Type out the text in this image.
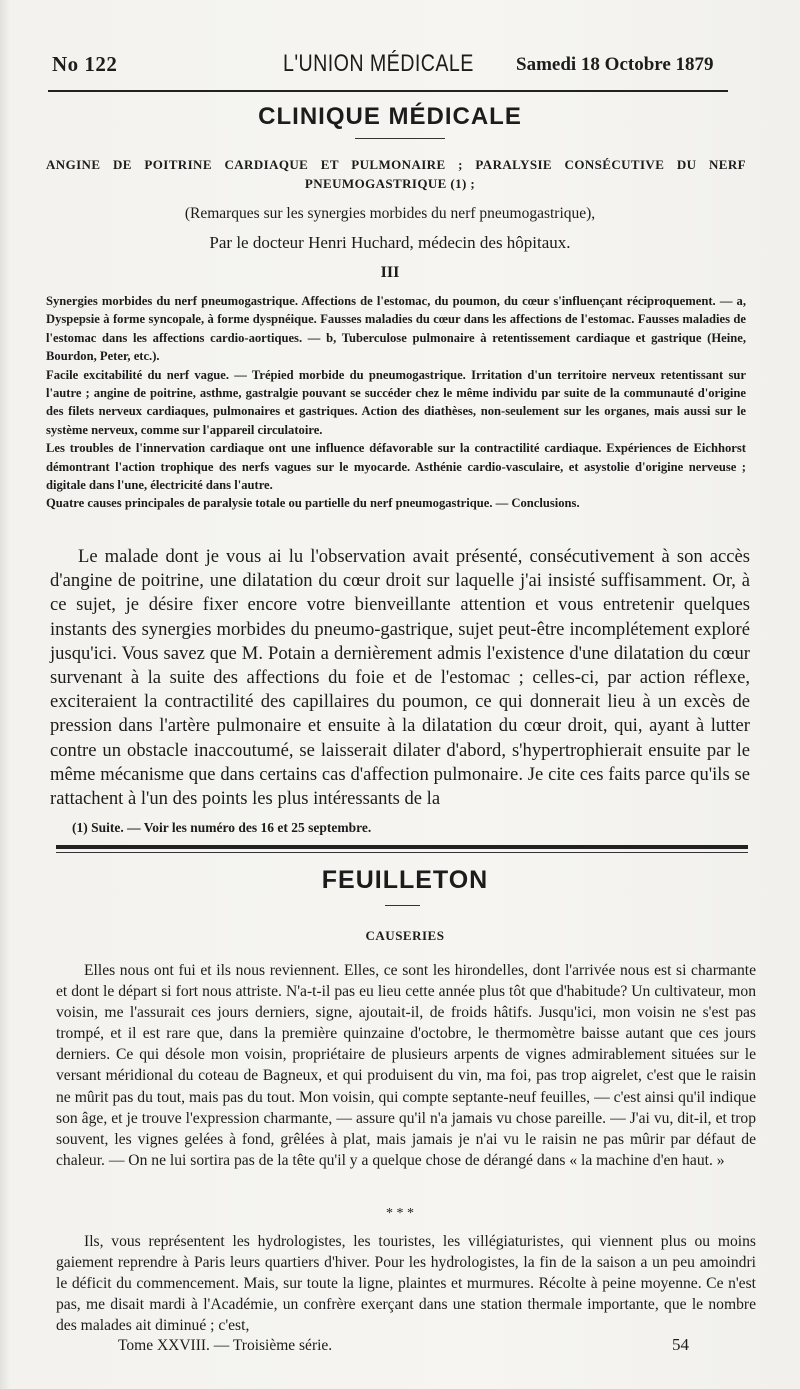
No 122	L'UNION MÉDICALE Samedi 18 Octobre 1879
CLINIQUE MÉDICALE
ANGINE DE POITRINE CARDIAQUE ET PULMONAIRE ; PARALYSIE CONSÉCUTIVE DU NERF
PNEUMOGASTRIQUE (1) ;
(Remarques sur les synergies morbides du nerf pneumogastrique),
Par le docteur Henri Huchard, médecin des hôpitaux.
III

Synergies morbides du nerf pneumogastrique. Affections de l'estomac, du poumon, du cœur s'influençant réciproquement. — a, Dyspepsie à forme syncopale, à forme dyspnéique. Fausses maladies du cœur dans les affections de l'estomac. Fausses maladies de l'estomac dans les affections cardio-aortiques. — b, Tuberculose pulmonaire à retentissement cardiaque et gastrique (Heine, Bourdon, Peter, etc.).

Facile excitabilité du nerf vague. — Trépied morbide du pneumogastrique. Irritation d'un territoire nerveux retentissant sur l'autre ; angine de poitrine, asthme, gastralgie pouvant se succéder chez le même individu par suite de la communauté d'origine des filets nerveux cardiaques, pulmonaires et gastriques. Action des diathèses, non-seulement sur les organes, mais aussi sur le système nerveux, comme sur l'appareil circulatoire.

Les troubles de l'innervation cardiaque ont une influence défavorable sur la contractilité cardiaque. Expériences de Eichhorst démontrant l'action trophique des nerfs vagues sur le myocarde. Asthénie cardio-vasculaire, et asystolie d'origine nerveuse ; digitale dans l'une, électricité dans l'autre.

Quatre causes principales de paralysie totale ou partielle du nerf pneumogastrique. — Conclusions.

Le malade dont je vous ai lu l'observation avait présenté, consécutivement à son accès d'angine de poitrine, une dilatation du cœur droit sur laquelle j'ai insisté suffisamment. Or, à ce sujet, je désire fixer encore votre bienveillante attention et vous entretenir quelques instants des synergies morbides du pneumo-gastrique, sujet peut-être incomplétement exploré jusqu'ici. Vous savez que M. Potain a dernièrement admis l'existence d'une dilatation du cœur survenant à la suite des affections du foie et de l'estomac ; celles-ci, par action réflexe, exciteraient la contractilité des capillaires du poumon, ce qui donnerait lieu à un excès de pression dans l'artère pulmonaire et ensuite à la dilatation du cœur droit, qui, ayant à lutter contre un obstacle inaccoutumé, se laisserait dilater d'abord, s'hypertrophierait ensuite par le même mécanisme que dans certains cas d'affection pulmonaire. Je cite ces faits parce qu'ils se rattachent à l'un des points les plus intéressants de la

(1) Suite. — Voir les numéro des 16 et 25 septembre.
FEUILLETON
CAUSERIES

Elles nous ont fui et ils nous reviennent. Elles, ce sont les hirondelles, dont l'arrivée nous est si charmante et dont le départ si fort nous attriste. N'a-t-il pas eu lieu cette année plus tôt que d'habitude? Un cultivateur, mon voisin, me l'assurait ces jours derniers, signe, ajoutait-il, de froids hâtifs. Jusqu'ici, mon voisin ne s'est pas trompé, et il est rare que, dans la première quinzaine d'octobre, le thermomètre baisse autant que ces jours derniers. Ce qui désole mon voisin, propriétaire de plusieurs arpents de vignes admirablement situées sur le versant méridional du coteau de Bagneux, et qui produisent du vin, ma foi, pas trop aigrelet, c'est que le raisin ne mûrit pas du tout, mais pas du tout. Mon voisin, qui compte septante-neuf feuilles, — c'est ainsi qu'il indique son âge, et je trouve l'expression charmante, — assure qu'il n'a jamais vu chose pareille. — J'ai vu, dit-il, et trop souvent, les vignes gelées à fond, grêlées à plat, mais jamais je n'ai vu le raisin ne pas mûrir par défaut de chaleur. — On ne lui sortira pas de la tête qu'il y a quelque chose de dérangé dans « la machine d'en haut. »

* * *

Ils, vous représentent les hydrologistes, les touristes, les villégiaturistes, qui viennent plus ou moins gaiement reprendre à Paris leurs quartiers d'hiver. Pour les hydrologistes, la fin de la saison a un peu amoindri le déficit du commencement. Mais, sur toute la ligne, plaintes et murmures. Récolte à peine moyenne. Ce n'est pas, me disait mardi à l'Académie, un confrère exerçant dans une station thermale importante, que le nombre des malades ait diminué ; c'est,

Tome XXVIII. — Troisième série.	54
